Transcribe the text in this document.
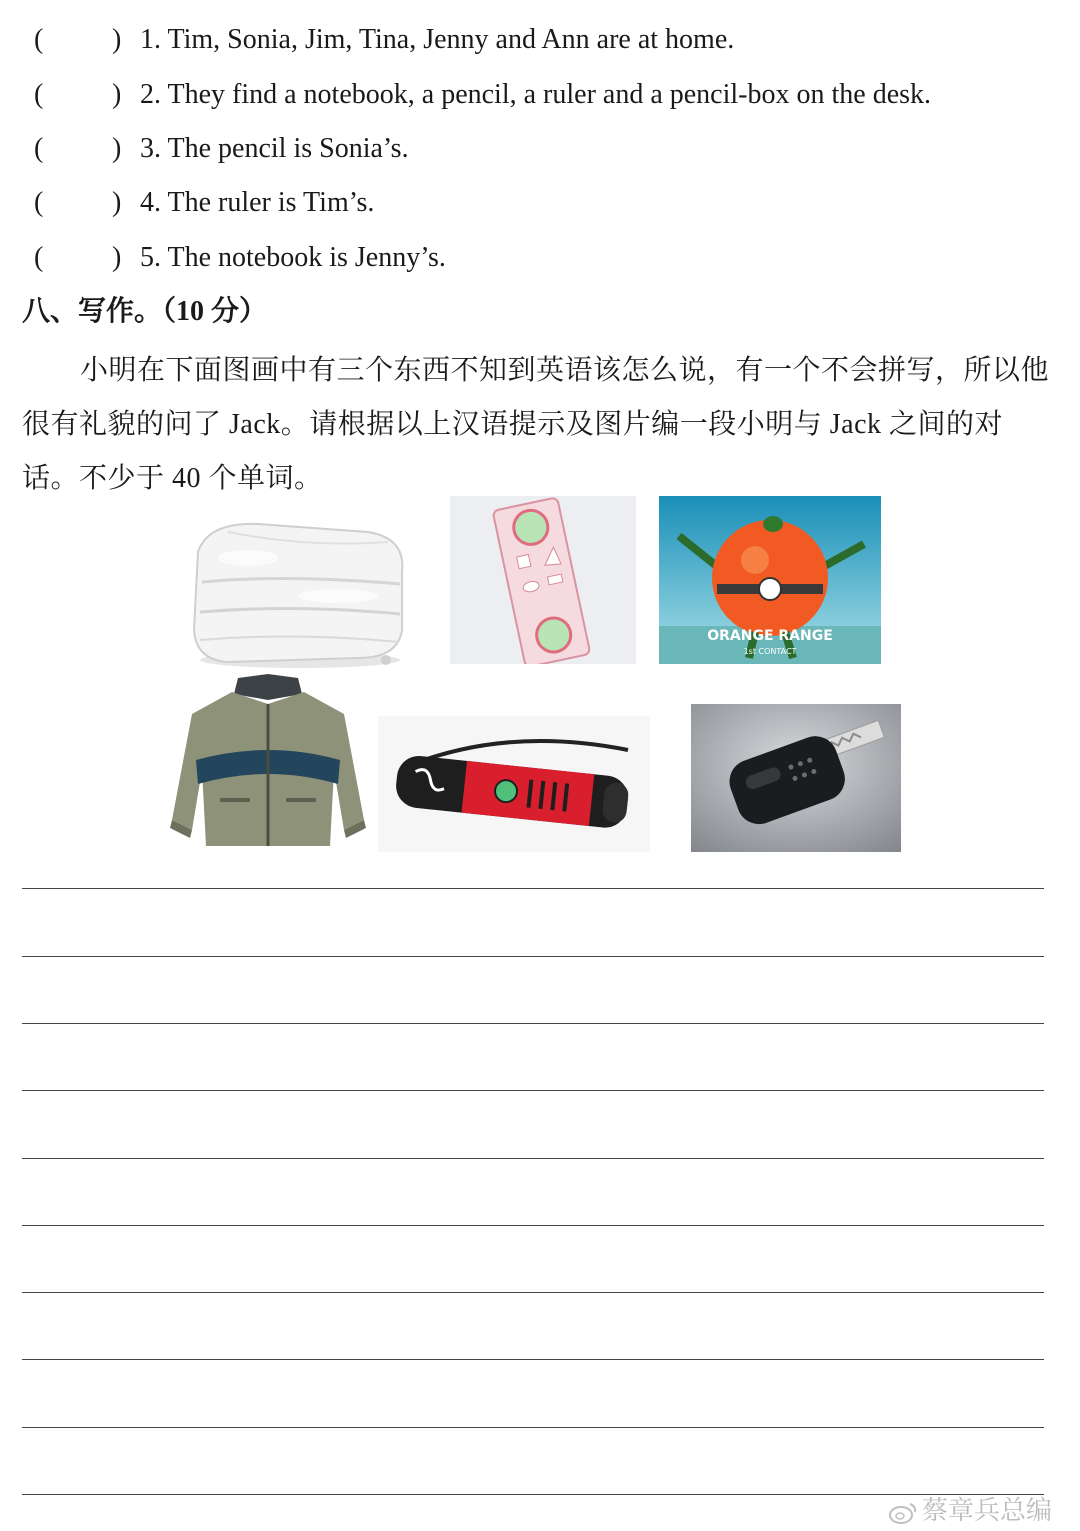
( ) 1. Tim, Sonia, Jim, Tina, Jenny and Ann are at home.
( ) 2. They find a notebook, a pencil, a ruler and a pencil-box on the desk.
( ) 3. The pencil is Sonia’s.
( ) 4. The ruler is Tim’s.
( ) 5. The notebook is Jenny’s.
八、写作。（10 分）
小明在下面图画中有三个东西不知到英语该怎么说，有一个不会拼写，所以他很有礼貌的问了 Jack。请根据以上汉语提示及图片编一段小明与 Jack 之间的对话。不少于 40 个单词。
ORANGE RANGE
1st CONTACT
蔡章兵总编
